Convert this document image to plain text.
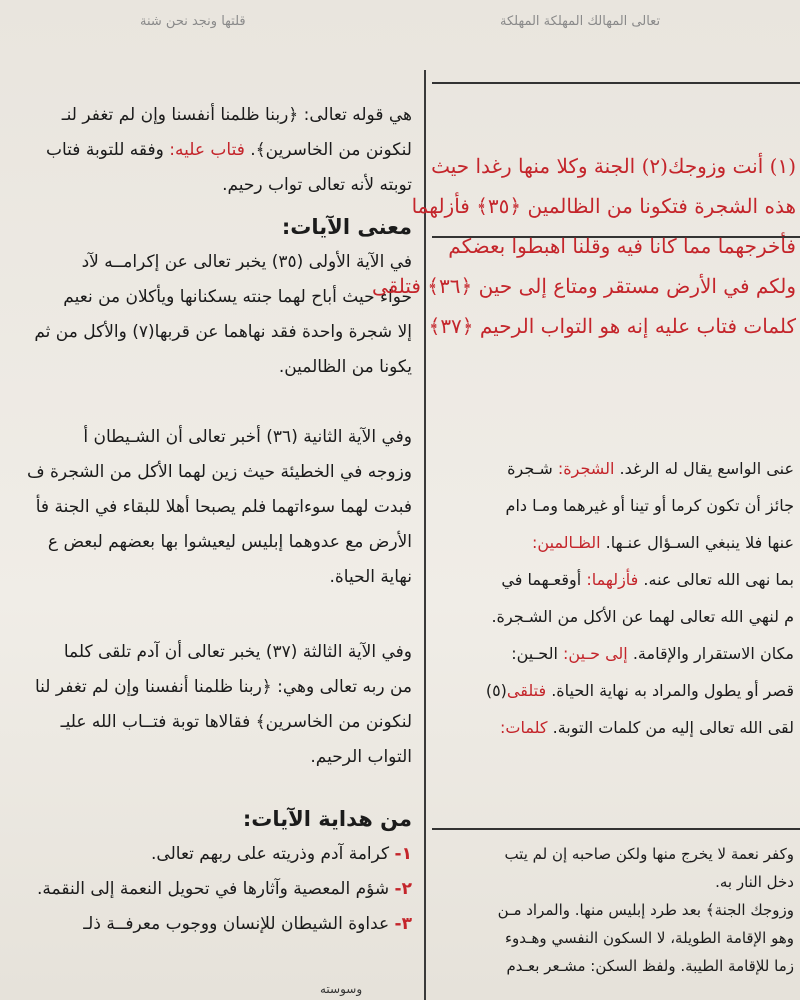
قلتها ونجد نحن شنة	تعالى المهالك المهلكة المهلكة
هي قوله تعالى: ﴿ربنا ظلمنا أنفسنا وإن لم تغفر لنـ
لنكونن من الخاسرين﴾. فتاب عليه: وفقه للتوبة فتاب
توبته لأنه تعالى تواب رحيم.
معنى الآيات:
في الآية الأولى (٣٥) يخبر تعالى عن إكرامــه لآد
حواء حيث أباح لهما جنته يسكنانها ويأكلان من نعيم
إلا شجرة واحدة فقد نهاهما عن قربها(٧) والأكل من ثم
يكونا من الظالمين.
وفي الآية الثانية (٣٦) أخبر تعالى أن الشـيطان أ
وزوجه في الخطيئة حيث زين لهما الأكل من الشجرة ف
فبدت لهما سوءاتهما فلم يصبحا أهلا للبقاء في الجنة فأ
الأرض مع عدوهما إبليس ليعيشوا بها بعضهم لبعض ع
نهاية الحياة.
وفي الآية الثالثة (٣٧) يخبر تعالى أن آدم تلقى كلما
من ربه تعالى وهي: ﴿ربنا ظلمنا أنفسنا وإن لم تغفر لنا
لنكونن من الخاسرين﴾ فقالاها توبة فتــاب الله عليـ
التواب الرحيم.
من هداية الآيات:
١- كرامة آدم وذريته على ربهم تعالى.
٢- شؤم المعصية وآثارها في تحويل النعمة إلى النقمة.
٣- عداوة الشيطان للإنسان ووجوب معرفــة ذلـ
وسوسته
(١) أنت وزوجك(٢) الجنة وكلا منها رغدا حيث
هذه الشجرة فتكونا من الظالمين ﴿٣٥﴾ فأزلهما
فأخرجهما مما كانا فيه وقلنا اهبطوا بعضكم
ولكم في الأرض مستقر ومتاع إلى حين ﴿٣٦﴾ فتلقى
كلمات فتاب عليه إنه هو التواب الرحيم ﴿٣٧﴾
عنى الواسع يقال له الرغد. الشجرة: شـجرة
جائز أن تكون كرما أو تينا أو غيرهما ومـا دام
عنها فلا ينبغي السـؤال عنـها. الظـالمين:
بما نهى الله تعالى عنه. فأزلهما: أوقعـهما في
م لنهي الله تعالى لهما عن الأكل من الشـجرة.
مكان الاستقرار والإقامة. إلى حـين: الحـين:
قصر أو يطول والمراد به نهاية الحياة. فتلقى(٥)
لقى الله تعالى إليه من كلمات التوبة. كلمات:
وكفر نعمة لا يخرج منها ولكن صاحبه إن لم يتب
دخل النار به.
وزوجك الجنة﴾ بعد طرد إبليس منها. والمراد مـن
وهو الإقامة الطويلة، لا السكون النفسي وهـدوء
زما للإقامة الطيبة. ولفظ السكن: مشـعر بعـدم
